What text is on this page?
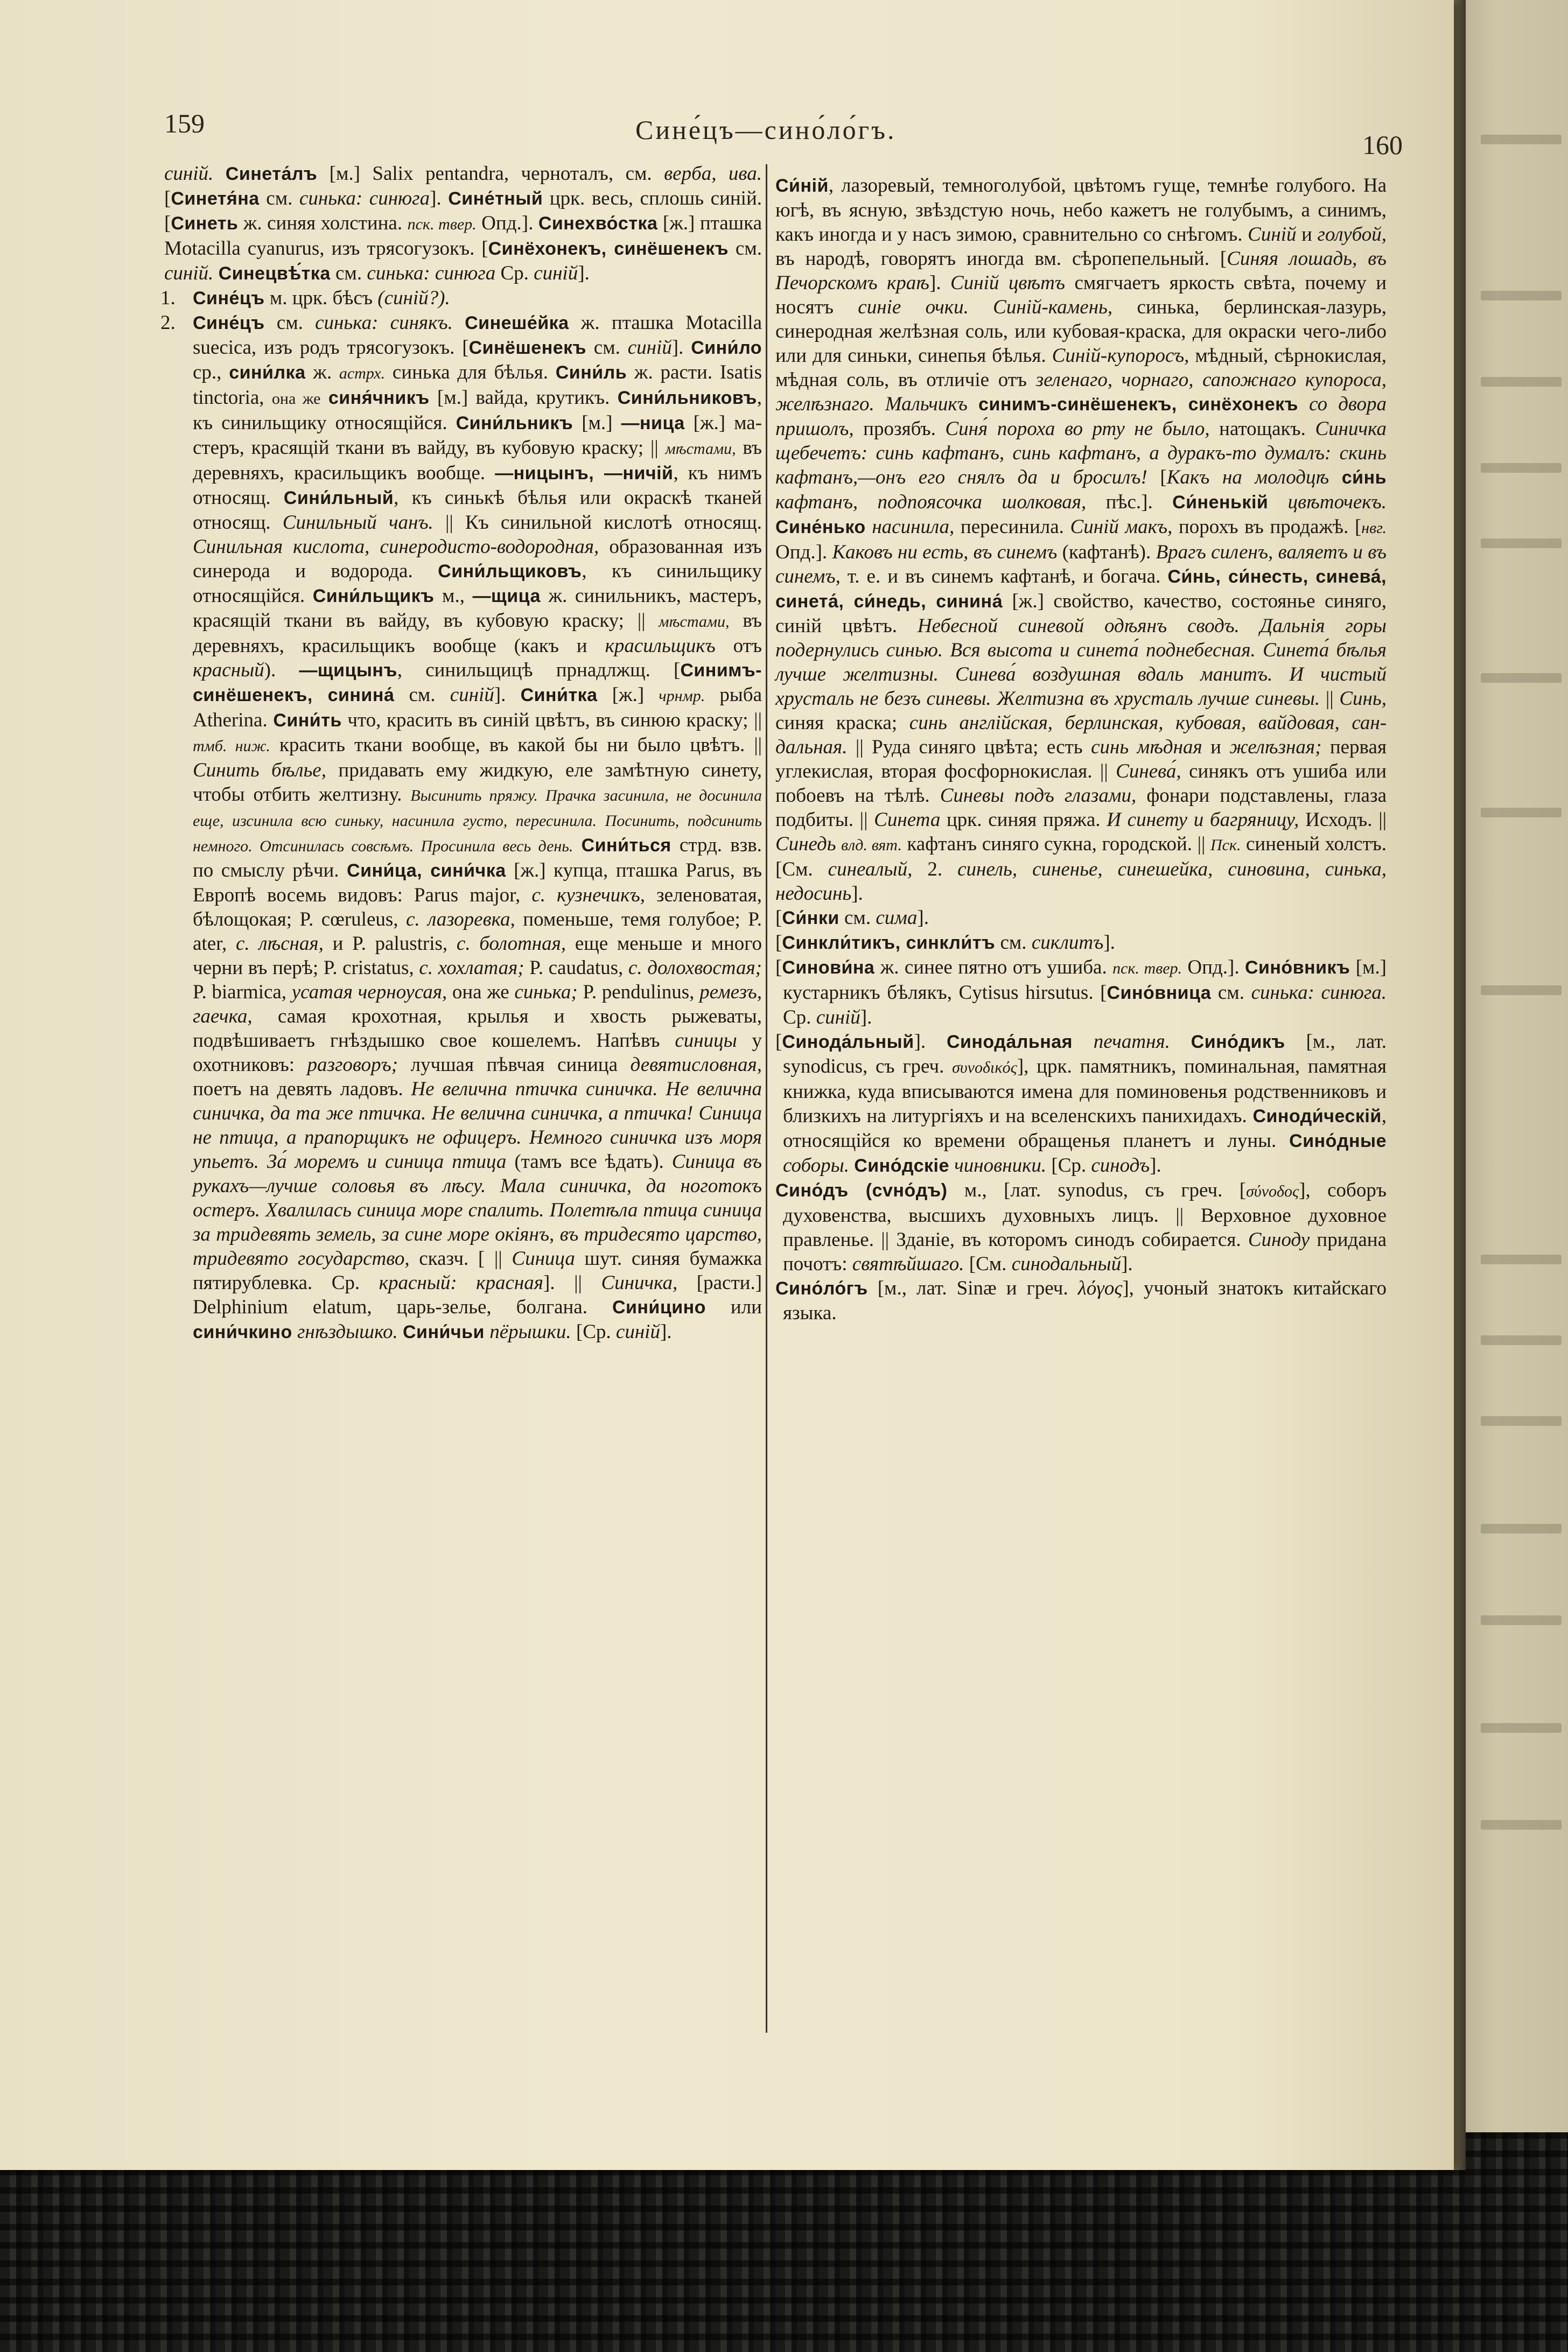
159	Сине́цъ—сино́ло́гъ.	160

синій. Синета́лъ [м.] Salix pentandra, черноталъ, см. верба, ива. [Синетя́на см. синька: синюга]. Сине́тный црк. весь, сплошь синій. [Синеть ж. синяя холстина. пск. твер. Опд.]. Синехво́стка [ж.] пташка Motacilla cyanurus, изъ трясогузокъ. [Синёхонекъ, синёшенекъ см. синій. Синецвѣ́тка см. синька: синюга Ср. синій].

1. Сине́цъ м. црк. бѣсъ (синій?).

2. Сине́цъ см. синька: синякъ. Синеше́йка ж. пташка Motacilla suecica, изъ родъ трясогузокъ. [Синёшенекъ см. синій]. Сини́ло ср., сини́лка ж. астрх. синька для бѣлья. Сини́ль ж. расти. Isatis tinctoria, она же синя́чникъ [м.] вайда, крутикъ. Сини́льниковъ, къ синильщику относящійся. Сини́льникъ [м.] —ница [ж.] мастеръ, красящій ткани въ вайду, въ кубовую краску; || мѣстами, въ деревняхъ, красильщикъ вообще. —ницынъ, —ничій, къ нимъ относящ. Сини́льный, къ синькѣ бѣлья или окраскѣ тканей относящ. Синильный чанъ. || Къ синильной кислотѣ относящ. Синильная кислота, синеродисто-водородная, образованная изъ синерода и водорода. Сини́льщиковъ, къ синильщику относящійся. Сини́льщикъ м., —щица ж. синильникъ, мастеръ, красящій ткани въ вайду, въ кубовую краску; || мѣстами, въ деревняхъ, красильщикъ вообще (какъ и красильщикъ отъ красный). —щицынъ, синильщицѣ прнадлжщ. [Синимъ-синёшенекъ, синина́ см. синій]. Сини́тка [ж.] чрнмр. рыба Atherina. Сини́ть что, красить въ синій цвѣтъ, въ синюю краску; || тмб. ниж. красить ткани вообще, въ какой бы ни было цвѣтъ. || Синить бѣлье, придавать ему жидкую, еле замѣтную синету, чтобы отбить желтизну. Высинить пряжу. Прачка засинила, не досинила еще, изсинила всю синьку, насинила густо, пересинила. Посинить, подсинить немного. Отсинилась совсѣмъ. Просинила весь день. Сини́ться стрд. взв. по смыслу рѣчи. Сини́ца, сини́чка [ж.] купца, пташка Parus, въ Европѣ восемь видовъ: Parus major, с. кузнечикъ, зеленоватая, бѣлощокая; P. cœruleus, с. лазоревка, поменьше, темя голубое; P. ater, с. лѣсная, и P. palustris, с. болотная, еще меньше и много черни въ перѣ; P. cristatus, с. хохлатая; P. caudatus, с. долохвостая; P. biarmica, усатая черноусая, она же синька; P. pendulinus, ремезъ, гаечка, самая крохотная, крылья и хвость рыжеваты, подвѣшиваетъ гнѣздышко свое кошелемъ. Напѣвъ синицы у охотниковъ: разговоръ; лучшая пѣвчая синица девятисловная, поетъ на девять ладовъ. Не велична птичка синичка. Не велична синичка, да та же птичка. Не велична синичка, а птичка! Синица не птица, а прапорщикъ не офицеръ. Немного синичка изъ моря упьетъ. За́ моремъ и синица птица (тамъ все ѣдать). Синица въ рукахъ—лучше соловья въ лѣсу. Мала синичка, да ноготокъ остеръ. Хвалилась синица море спалить. Полетѣла птица синица за тридевять земель, за сине море окіянъ, въ тридесято царство, тридевято государство, сказч. [ || Синица шут. синяя бумажка пятирублевка. Ср. красный: красная]. || Синичка, [расти.] Delphinium elatum, царь-зелье, болгана. Сини́цино или сини́чкино гнѣздышко. Сини́чьи пёрышки. [Ср. синій].

Си́ній, лазоревый, темноголубой, цвѣтомъ гуще, темнѣе голубого. На югѣ, въ ясную, звѣздстую ночь, небо кажетъ не голубымъ, а синимъ, какъ иногда и у насъ зимою, сравнительно со снѣгомъ. Синій и голубой, въ народѣ, говорятъ иногда вм. сѣропепельный. [Синяя лошадь, въ Печорскомъ краѣ]. Синій цвѣтъ смягчаетъ яркость свѣта, почему и носятъ синіе очки. Синій-камень, синька, берлинская-лазурь, синеродная желѣзная соль, или кубовая-краска, для окраски чего-либо или для синьки, синепья бѣлья. Синій-купоросъ, мѣдный, сѣрнокислая, мѣдная соль, въ отличіе отъ зеленаго, чорнаго, сапожнаго купороса, желѣзнаго. Мальчикъ синимъ-синёшенекъ, синёхонекъ со двора пришолъ, прозябъ. Синя́ пороха во рту не было, натощакъ. Синичка щебечетъ: синь кафтанъ, синь кафтанъ, а дуракъ-то думалъ: скинь кафтанъ,—онъ его снялъ да и бросилъ! [Какъ на молодцѣ си́нь кафтанъ, подпоясочка шолковая, пѣс.]. Си́ненькій цвѣточекъ. Сине́нько насинила, пересинила. Синій макъ, порохъ въ продажѣ. [нвг. Опд.]. Каковъ ни есть, въ синемъ (кафтанѣ). Врагъ силенъ, валяетъ и въ синемъ, т. е. и въ синемъ кафтанѣ, и богача. Си́нь, си́несть, синева́, синета́, си́недь, синина́ [ж.] свойство, качество, состоянье синяго, синій цвѣтъ. Небесной синевой одѣянъ сводъ. Дальнія горы подернулись синью. Вся высота и синета́ поднебесная. Синета́ бѣлья лучше желтизны. Синева́ воздушная вдаль манитъ. И чистый хрусталь не безъ синевы. Желтизна въ хрусталь лучше синевы. || Синь, синяя краска; синь англійская, берлинская, кубовая, вайдовая, сандальная. || Руда синяго цвѣта; есть синь мѣдная и желѣзная; первая углекислая, вторая фосфорнокислая. || Синева́, синякъ отъ ушиба или побоевъ на тѣлѣ. Синевы подъ глазами, фонари подставлены, глаза подбиты. || Синета црк. синяя пряжа. И синету и багряницу, Исходъ. || Синедь влд. вят. кафтанъ синяго сукна, городской. || Пск. синеный холстъ. [См. синеалый, 2. синель, синенье, синешейка, синовина, синька, недосинь].

[Си́нки см. сима].

[Синкли́тикъ, синкли́тъ см. сиклитъ].

[Синови́на ж. синее пятно отъ ушиба. пск. твер. Опд.]. Сино́вникъ [м.] кустарникъ бѣлякъ, Cytisus hirsutus. [Сино́вница см. синька: синюга. Ср. синій].

[Синода́льный]. Синода́льная печатня. Сино́дикъ [м., лат. synodicus, съ греч. συνοδικός], црк. памятникъ, поминальная, памятная книжка, куда вписываются имена для поминовенья родственниковъ и близкихъ на литургіяхъ и на вселенскихъ панихидахъ. Синоди́ческій, относящійся ко времени обращенья планетъ и луны. Сино́дные соборы. Сино́дскіе чиновники. [Ср. синодъ].

Сино́дъ (сvно́дъ) м., [лат. synodus, съ греч. [σύνοδος], соборъ духовенства, высшихъ духовныхъ лицъ. || Верховное духовное правленье. || Зданіе, въ которомъ синодъ собирается. Синоду придана почотъ: святѣйшаго. [См. синодальный].

Сино́ло́гъ [м., лат. Sinæ и греч. λόγος], учоный знатокъ китайскаго языка.
